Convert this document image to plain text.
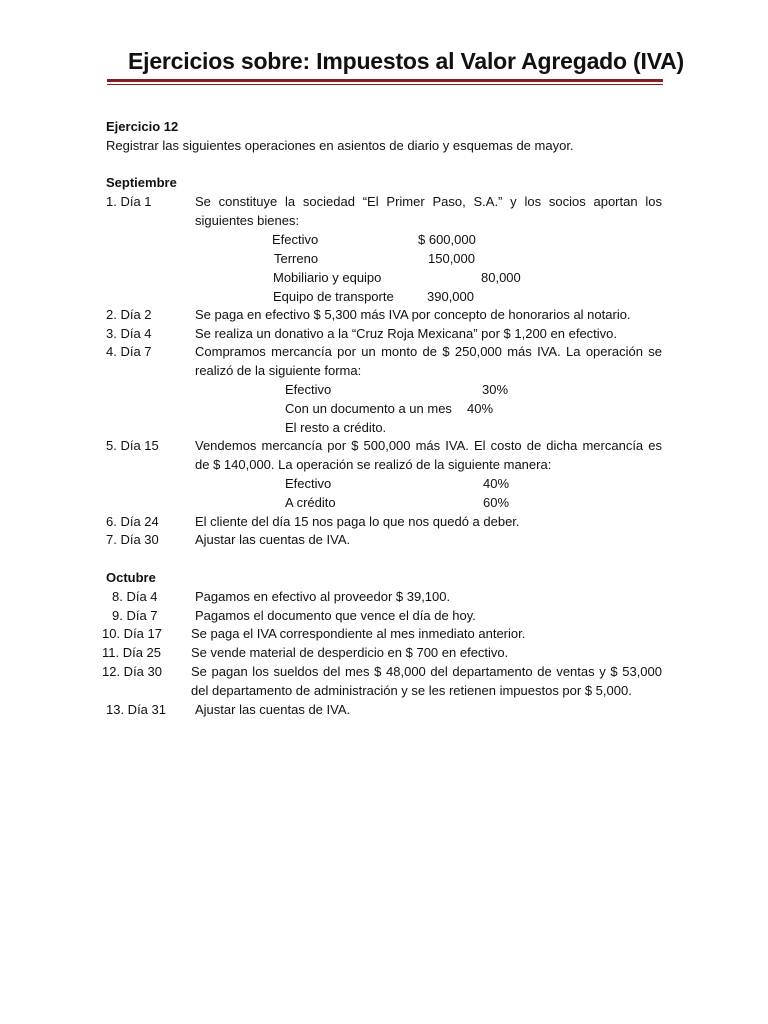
Ejercicios sobre: Impuestos al Valor Agregado (IVA)
Ejercicio 12
Registrar las siguientes operaciones en asientos de diario y esquemas de mayor.
Septiembre
1. Día 1	Se constituye la sociedad “El Primer Paso, S.A.” y los socios aportan los siguientes bienes:
Efectivo	$ 600,000
Terreno	150,000
Mobiliario y equipo	80,000
Equipo de transporte	390,000
2. Día 2	Se paga en efectivo $ 5,300 más IVA por concepto de honorarios al notario.
3. Día 4	Se realiza un donativo a la “Cruz Roja Mexicana” por $ 1,200 en efectivo.
4. Día 7	Compramos mercancía por un monto de $ 250,000 más IVA. La operación se realizó de la siguiente forma:
Efectivo	30%
Con un documento a un mes 40%
El resto a crédito.
5. Día 15	Vendemos mercancía por $ 500,000 más IVA. El costo de dicha mercancía es de $ 140,000. La operación se realizó de la siguiente manera:
Efectivo	40%
A crédito	60%
6. Día 24	El cliente del día 15 nos paga lo que nos quedó a deber.
7. Día 30	Ajustar las cuentas de IVA.
Octubre
8. Día 4	Pagamos en efectivo al proveedor $ 39,100.
9. Día 7	Pagamos el documento que vence el día de hoy.
10. Día 17	Se paga el IVA correspondiente al mes inmediato anterior.
11. Día 25	Se vende material de desperdicio en $ 700 en efectivo.
12. Día 30	Se pagan los sueldos del mes $ 48,000 del departamento de ventas y $ 53,000 del departamento de administración y se les retienen impuestos por $ 5,000.
13. Día 31 Ajustar las cuentas de IVA.
